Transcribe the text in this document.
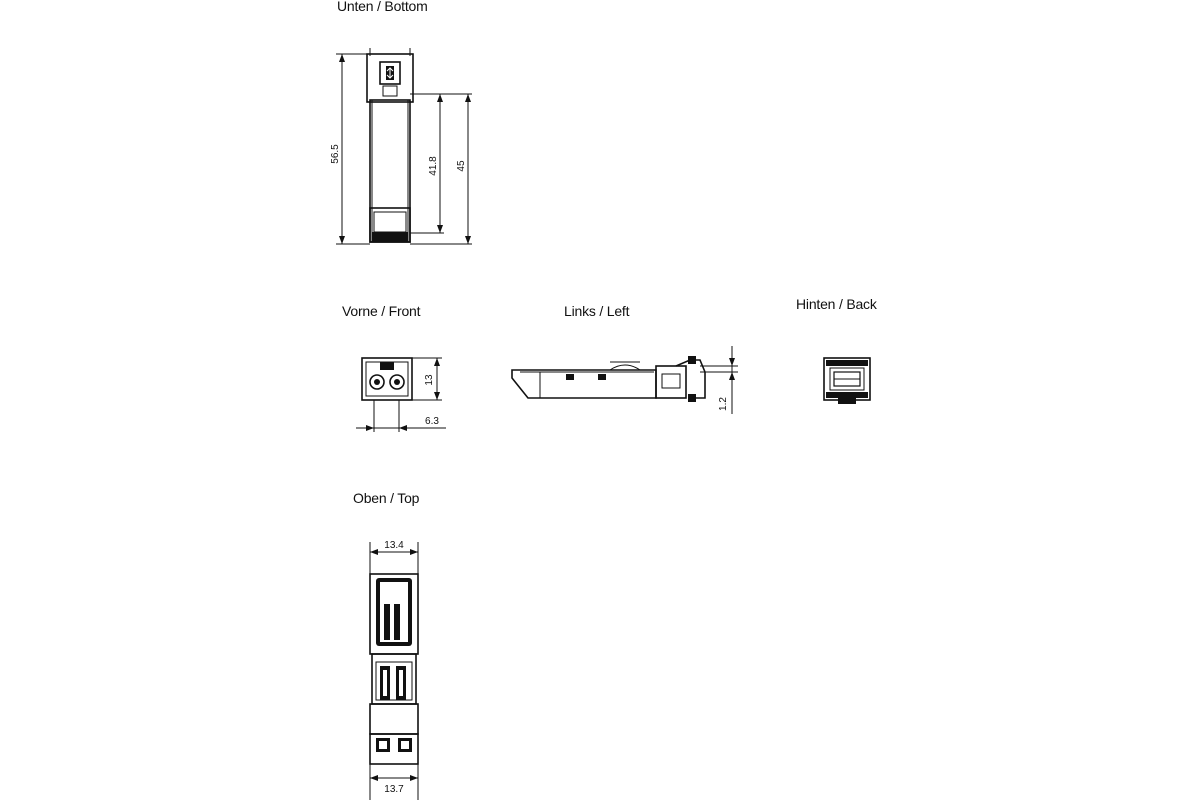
Unten / Bottom
Vorne / Front	Links / Left	Hinten / Back
Oben / Top
56.5
41.8 45
13
6.3
1.2
13.4
13.7
